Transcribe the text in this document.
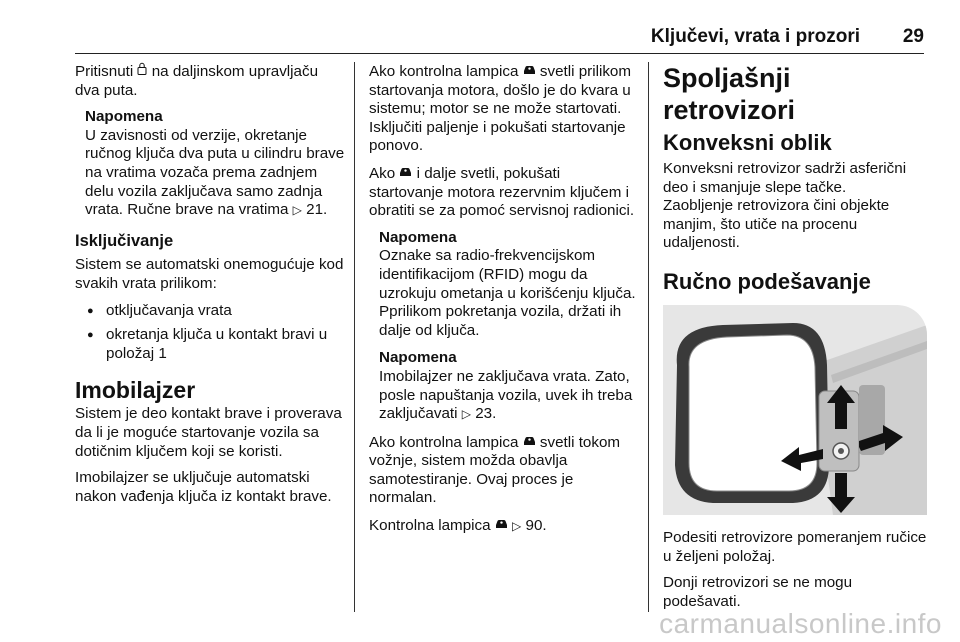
Ključevi, vrata i prozori 29

Pritisnuti na daljinskom upravljaču dva puta.

Napomena
U zavisnosti od verzije, okretanje ručnog ključa dva puta u cilindru brave na vratima vozača prema zadnjem delu vozila zaključava samo zadnja vrata. Ručne brave na vratima ▷ 21.
Isključivanje

Sistem se automatski onemogućuje kod svakih vrata prilikom:

● otključavanja vrata
● okretanja ključa u kontakt bravi u položaj 1
Imobilajzer

Sistem je deo kontakt brave i proverava da li je moguće startovanje vozila sa dotičnim ključem koji se koristi.

Imobilajzer se uključuje automatski nakon vađenja ključa iz kontakt brave.

Ako kontrolna lampica svetli prilikom startovanja motora, došlo je do kvara u sistemu; motor se ne može startovati. Isključiti paljenje i pokušati startovanje ponovo.

Ako i dalje svetli, pokušati startovanje motora rezervnim ključem i obratiti se za pomoć servisnoj radionici.

Napomena
Oznake sa radio-frekvencijskom identifikacijom (RFID) mogu da uzrokuju ometanja u korišćenju ključa. Pprilikom pokretanja vozila, držati ih dalje od ključa.
Napomena
Imobilajzer ne zaključava vrata. Zato, posle napuštanja vozila, uvek ih treba zaključavati ▷ 23.

Ako kontrolna lampica svetli tokom vožnje, sistem možda obavlja samotestiranje. Ovaj proces je normalan.

Kontrolna lampica ▷ 90.

Spoljašnji retrovizori
Konveksni oblik

Konveksni retrovizor sadrži asferični deo i smanjuje slepe tačke.

Zaobljenje retrovizora čini objekte manjim, što utiče na procenu udaljenosti.

Ručno podešavanje

Podesiti retrovizore pomeranjem ručice u željeni položaj.

Donji retrovizori se ne mogu podešavati.

carmanualsonline.info
